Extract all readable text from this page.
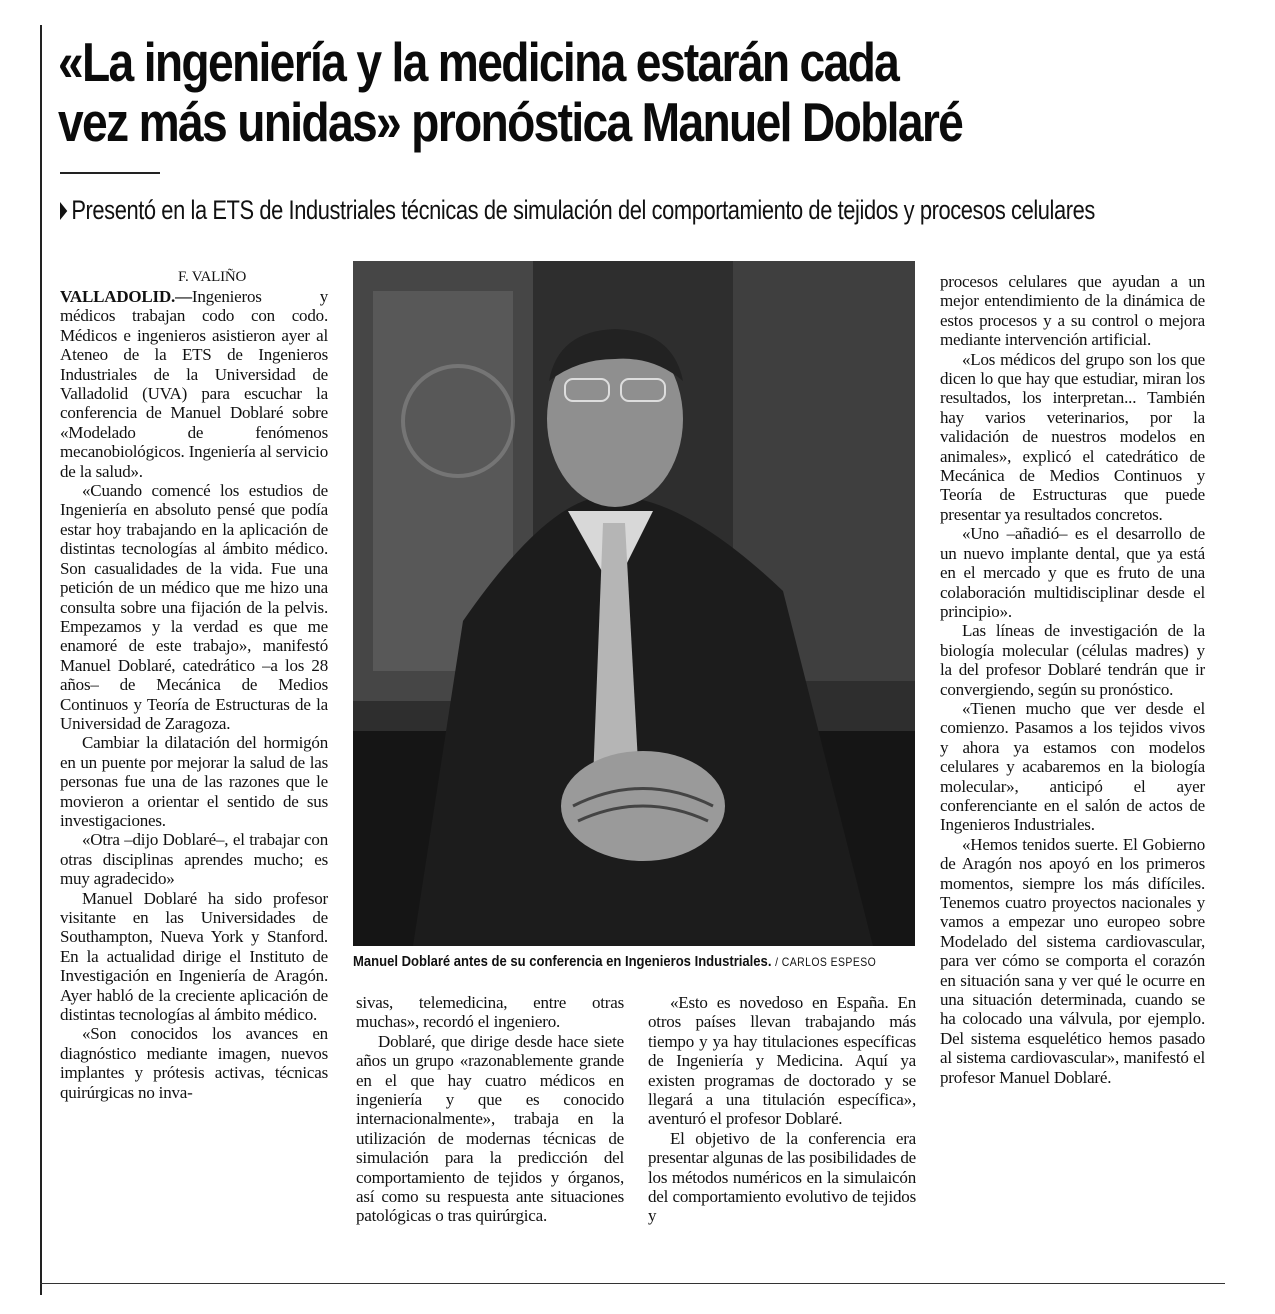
«La ingeniería y la medicina estarán cada
vez más unidas» pronóstica Manuel Doblaré
Presentó en la ETS de Industriales técnicas de simulación del comportamiento de tejidos y procesos celulares

F. VALIÑO

VALLADOLID.—Ingenieros y médicos trabajan codo con codo. Médicos e ingenieros asistieron ayer al Ateneo de la ETS de Ingenieros Industriales de la Universidad de Valladolid (UVA) para escuchar la conferencia de Manuel Doblaré sobre «Modelado de fenómenos mecanobiológicos. Ingeniería al servicio de la salud».

«Cuando comencé los estudios de Ingeniería en absoluto pensé que podía estar hoy trabajando en la aplicación de distintas tecnologías al ámbito médico. Son casualidades de la vida. Fue una petición de un médico que me hizo una consulta sobre una fijación de la pelvis. Empezamos y la verdad es que me enamoré de este trabajo», manifestó Manuel Doblaré, catedrático –a los 28 años– de Mecánica de Medios Continuos y Teoría de Estructuras de la Universidad de Zaragoza.

Cambiar la dilatación del hormigón en un puente por mejorar la salud de las personas fue una de las razones que le movieron a orientar el sentido de sus investigaciones.

«Otra –dijo Doblaré–, el trabajar con otras disciplinas aprendes mucho; es muy agradecido»

Manuel Doblaré ha sido profesor visitante en las Universidades de Southampton, Nueva York y Stanford. En la actualidad dirige el Instituto de Investigación en Ingeniería de Aragón. Ayer habló de la creciente aplicación de distintas tecnologías al ámbito médico.

«Son conocidos los avances en diagnóstico mediante imagen, nuevos implantes y prótesis activas, técnicas quirúrgicas no inva-

Manuel Doblaré antes de su conferencia en Ingenieros Industriales. / CARLOS ESPESO

sivas, telemedicina, entre otras muchas», recordó el ingeniero.

Doblaré, que dirige desde hace siete años un grupo «razonablemente grande en el que hay cuatro médicos en ingeniería y que es conocido internacionalmente», trabaja en la utilización de modernas técnicas de simulación para la predicción del comportamiento de tejidos y órganos, así como su respuesta ante situaciones patológicas o tras quirúrgica.

«Esto es novedoso en España. En otros países llevan trabajando más tiempo y ya hay titulaciones específicas de Ingeniería y Medicina. Aquí ya existen programas de doctorado y se llegará a una titulación específica», aventuró el profesor Doblaré.

El objetivo de la conferencia era presentar algunas de las posibilidades de los métodos numéricos en la simulaicón del comportamiento evolutivo de tejidos y

procesos celulares que ayudan a un mejor entendimiento de la dinámica de estos procesos y a su control o mejora mediante intervención artificial.

«Los médicos del grupo son los que dicen lo que hay que estudiar, miran los resultados, los interpretan... También hay varios veterinarios, por la validación de nuestros modelos en animales», explicó el catedrático de Mecánica de Medios Continuos y Teoría de Estructuras que puede presentar ya resultados concretos.

«Uno –añadió– es el desarrollo de un nuevo implante dental, que ya está en el mercado y que es fruto de una colaboración multidisciplinar desde el principio».

Las líneas de investigación de la biología molecular (células madres) y la del profesor Doblaré tendrán que ir convergiendo, según su pronóstico.

«Tienen mucho que ver desde el comienzo. Pasamos a los tejidos vivos y ahora ya estamos con modelos celulares y acabaremos en la biología molecular», anticipó el ayer conferenciante en el salón de actos de Ingenieros Industriales.

«Hemos tenidos suerte. El Gobierno de Aragón nos apoyó en los primeros momentos, siempre los más difíciles. Tenemos cuatro proyectos nacionales y vamos a empezar uno europeo sobre Modelado del sistema cardiovascular, para ver cómo se comporta el corazón en situación sana y ver qué le ocurre en una situación determinada, cuando se ha colocado una válvula, por ejemplo. Del sistema esquelético hemos pasado al sistema cardiovascular», manifestó el profesor Manuel Doblaré.
